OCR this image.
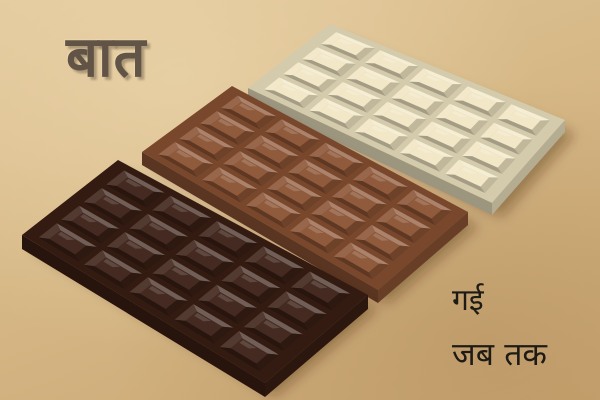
बात

गई

जब तक
